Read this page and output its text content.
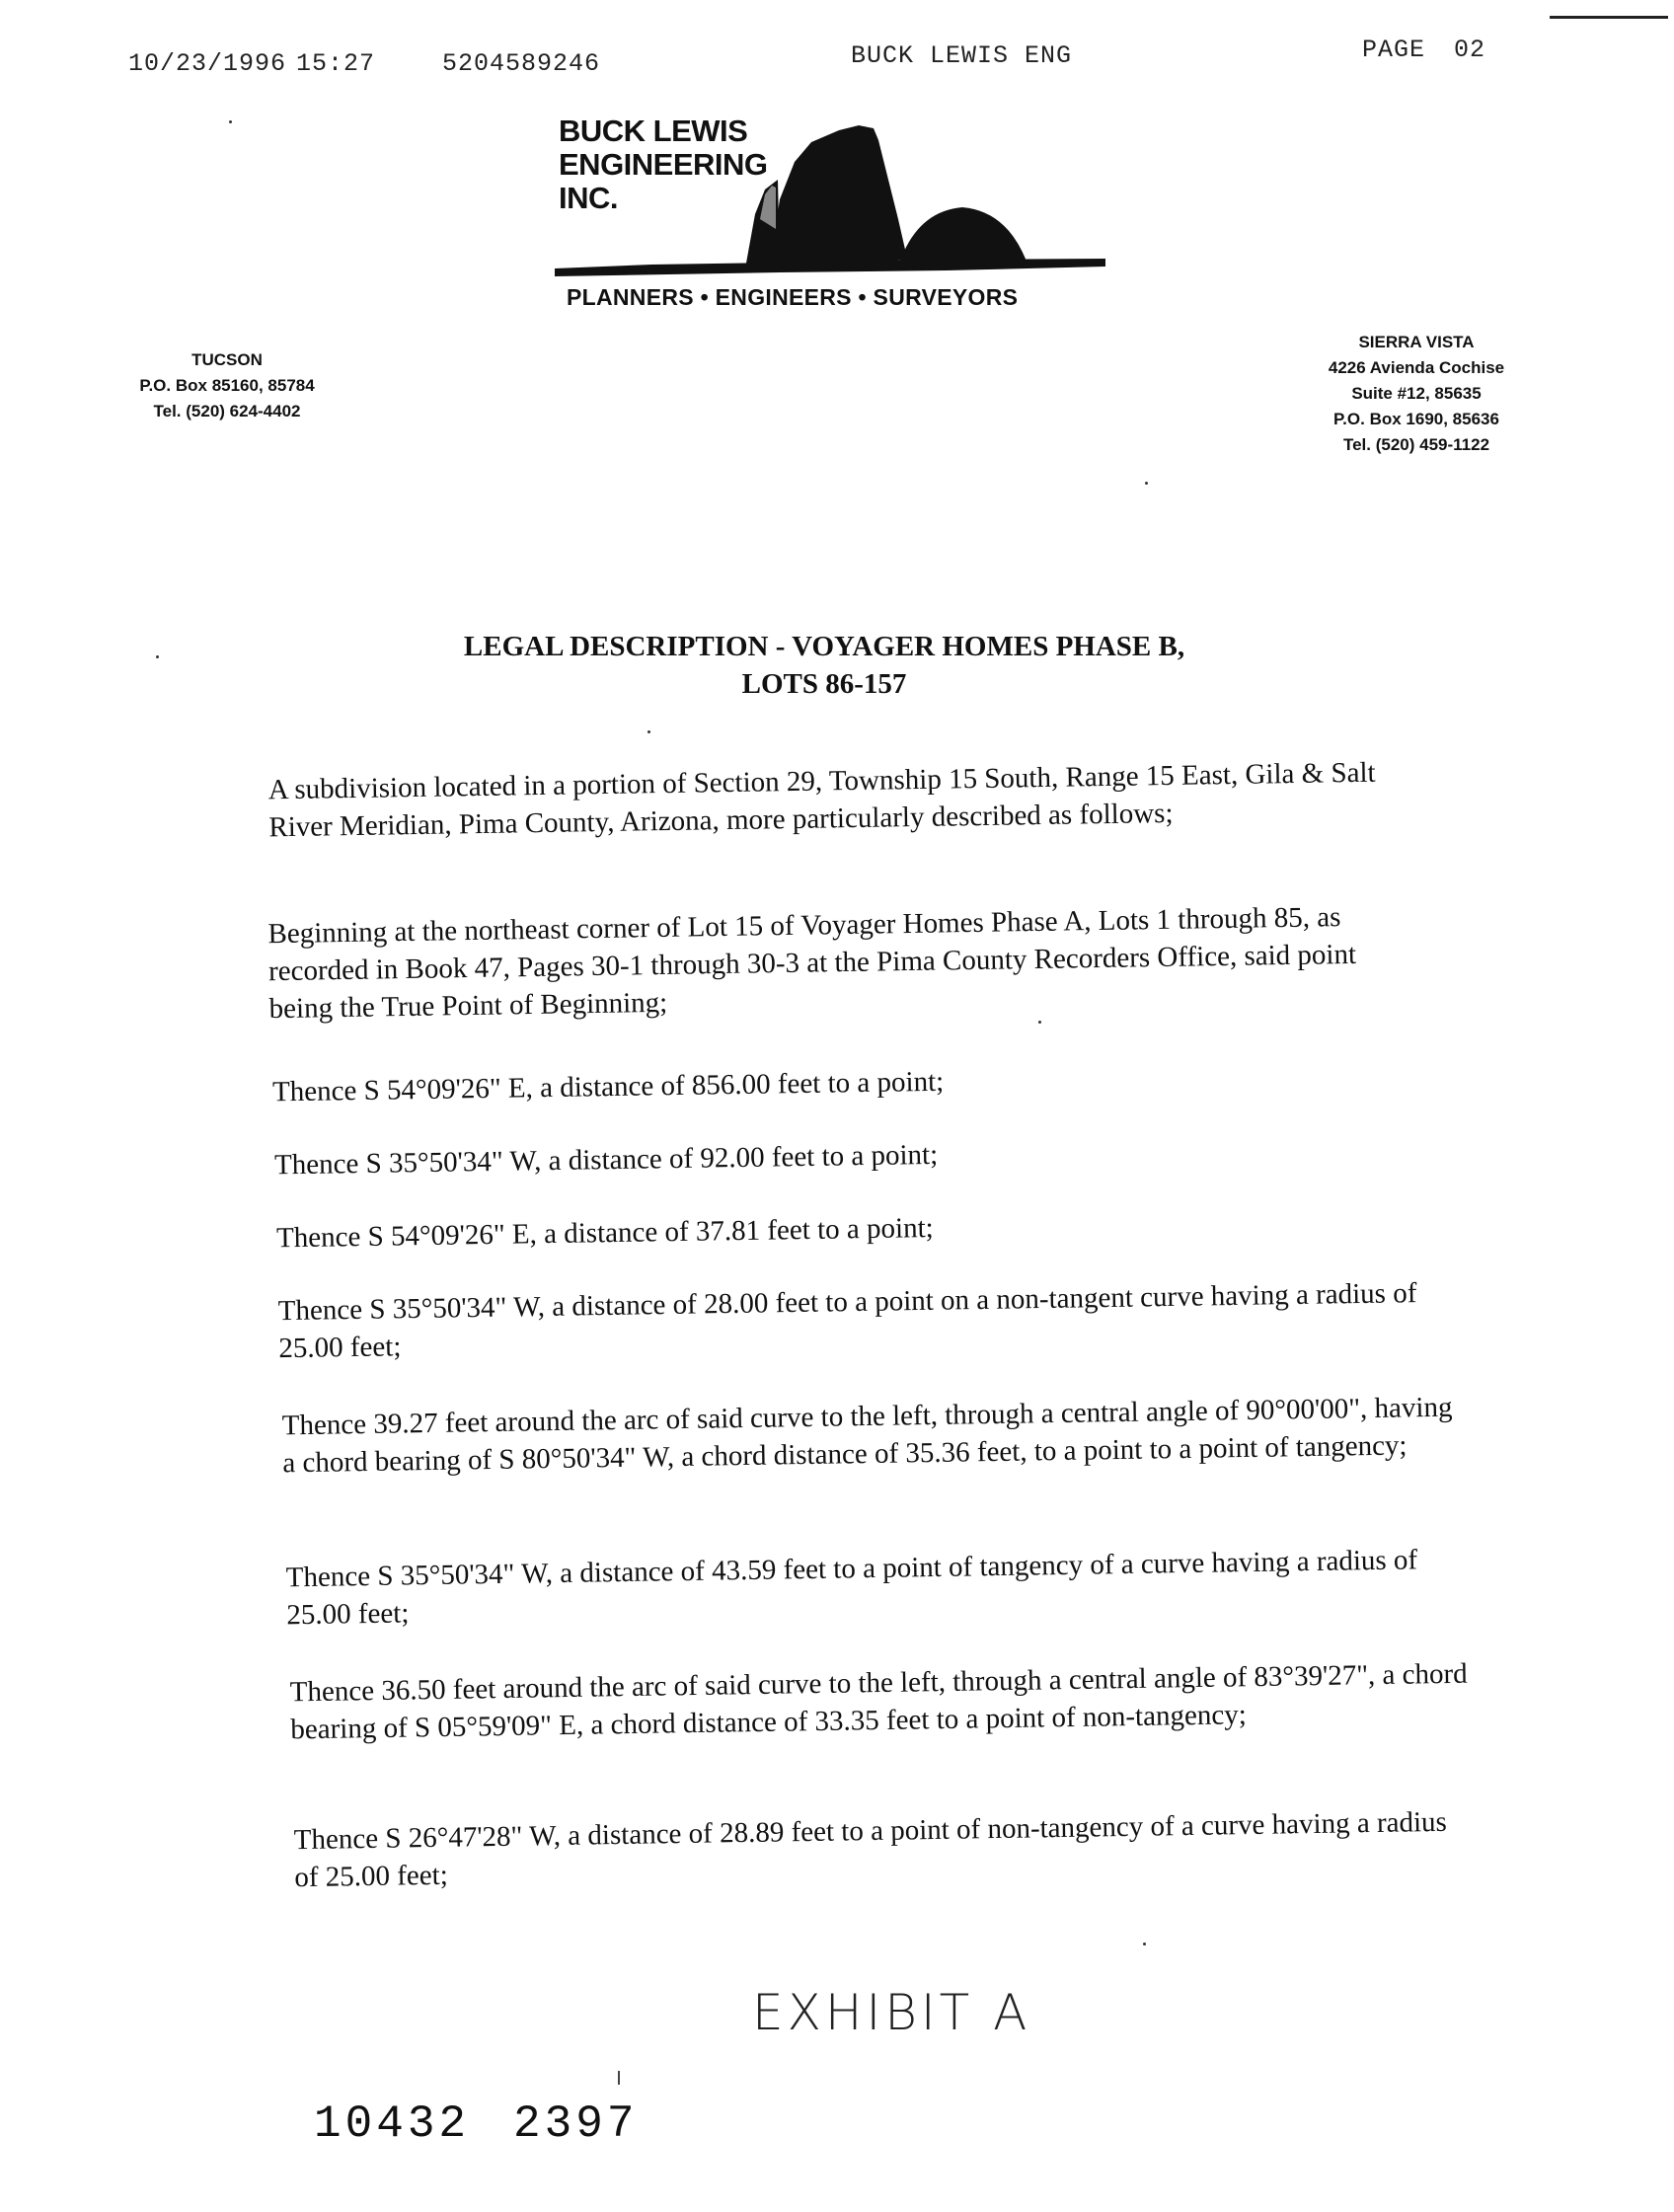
10/23/1996 15:27	5204589246	BUCK LEWIS ENG	PAGE 02
BUCK LEWIS
ENGINEERING
INC.
PLANNERS • ENGINEERS • SURVEYORS
TUCSON
P.O. Box 85160, 85784
Tel. (520) 624-4402
SIERRA VISTA
4226 Avienda Cochise
Suite #12, 85635
P.O. Box 1690, 85636
Tel. (520) 459-1122
LEGAL DESCRIPTION - VOYAGER HOMES PHASE B,
LOTS 86-157
A subdivision located in a portion of Section 29, Township 15 South, Range 15 East, Gila & Salt River Meridian, Pima County, Arizona, more particularly described as follows;
Beginning at the northeast corner of Lot 15 of Voyager Homes Phase A, Lots 1 through 85, as recorded in Book 47, Pages 30-1 through 30-3 at the Pima County Recorders Office, said point being the True Point of Beginning;
Thence S 54°09'26" E, a distance of 856.00 feet to a point;
Thence S 35°50'34" W, a distance of 92.00 feet to a point;
Thence S 54°09'26" E, a distance of 37.81 feet to a point;
Thence S 35°50'34" W, a distance of 28.00 feet to a point on a non-tangent curve having a radius of 25.00 feet;
Thence 39.27 feet around the arc of said curve to the left, through a central angle of 90°00'00", having a chord bearing of S 80°50'34" W, a chord distance of 35.36 feet, to a point to a point of tangency;
Thence S 35°50'34" W, a distance of 43.59 feet to a point of tangency of a curve having a radius of 25.00 feet;
Thence 36.50 feet around the arc of said curve to the left, through a central angle of 83°39'27", a chord bearing of S 05°59'09" E, a chord distance of 33.35 feet to a point of non-tangency;
Thence S 26°47'28" W, a distance of 28.89 feet to a point of non-tangency of a curve having a radius of 25.00 feet;
EXHIBIT A
10432 2397
